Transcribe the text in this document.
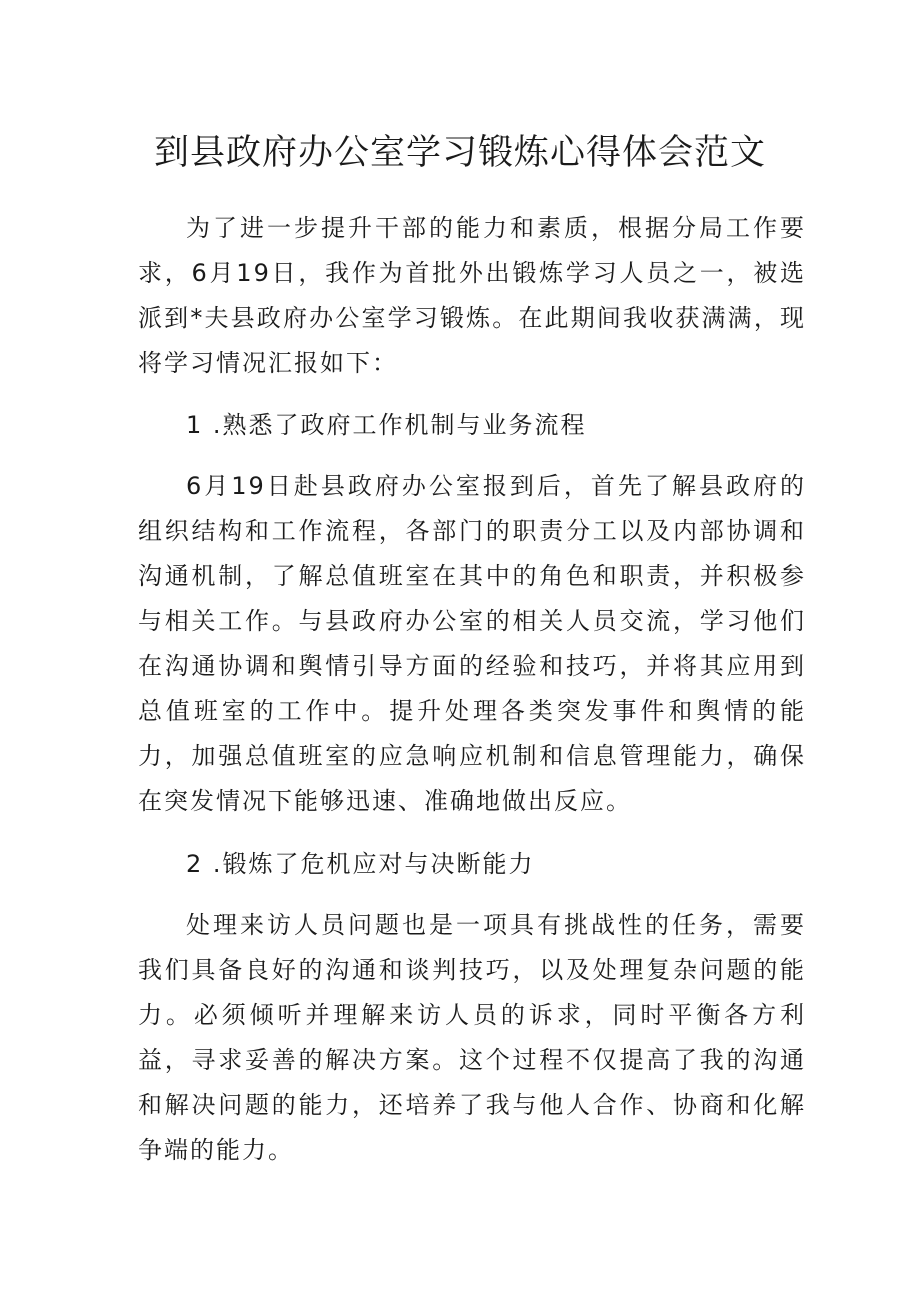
到县政府办公室学习锻炼心得体会范文

为了进一步提升干部的能力和素质，根据分局工作要求，6月19日，我作为首批外出锻炼学习人员之一，被选派到*夫县政府办公室学习锻炼。在此期间我收获满满，现将学习情况汇报如下：

1 .熟悉了政府工作机制与业务流程

6月19日赴县政府办公室报到后，首先了解县政府的组织结构和工作流程，各部门的职责分工以及内部协调和沟通机制，了解总值班室在其中的角色和职责，并积极参与相关工作。与县政府办公室的相关人员交流，学习他们在沟通协调和舆情引导方面的经验和技巧，并将其应用到总值班室的工作中。提升处理各类突发事件和舆情的能力，加强总值班室的应急响应机制和信息管理能力，确保在突发情况下能够迅速、准确地做出反应。

2 .锻炼了危机应对与决断能力

处理来访人员问题也是一项具有挑战性的任务，需要我们具备良好的沟通和谈判技巧，以及处理复杂问题的能力。必须倾听并理解来访人员的诉求，同时平衡各方利益，寻求妥善的解决方案。这个过程不仅提高了我的沟通和解决问题的能力，还培养了我与他人合作、协商和化解争端的能力。
